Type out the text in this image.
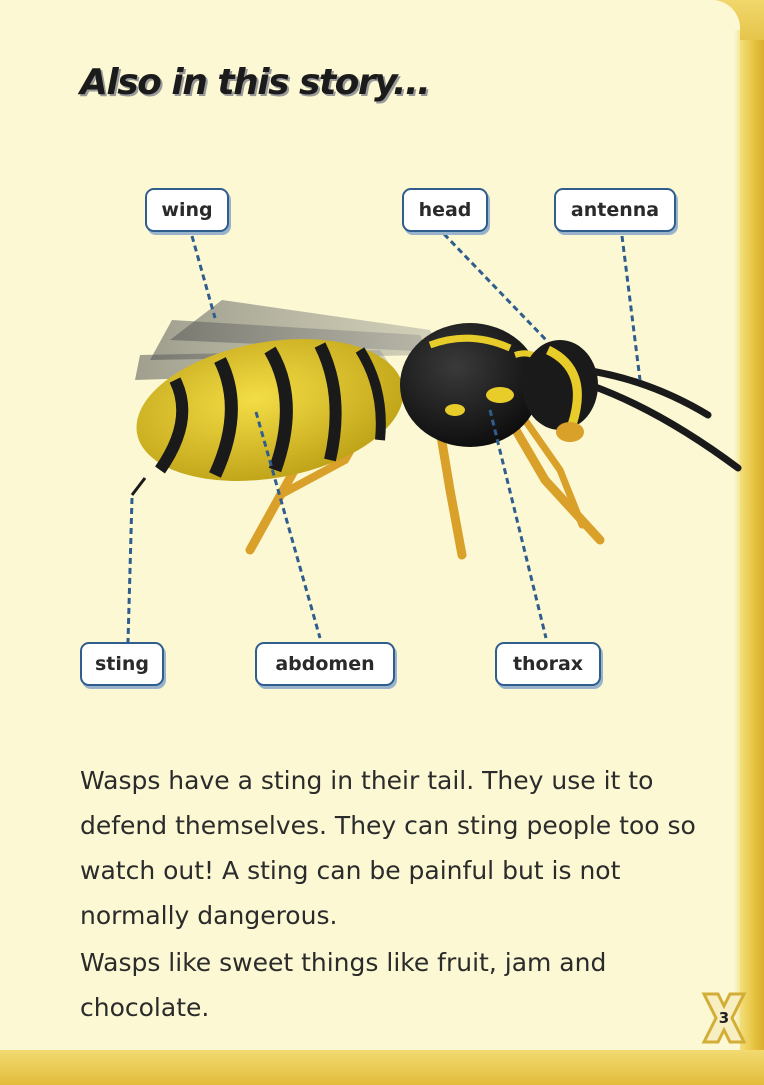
Also in this story...
wing	head	antenna
sting	abdomen	thorax

Wasps have a sting in their tail. They use it to defend themselves. They can sting people too so watch out! A sting can be painful but is not normally dangerous.

Wasps like sweet things like fruit, jam and chocolate.	3
